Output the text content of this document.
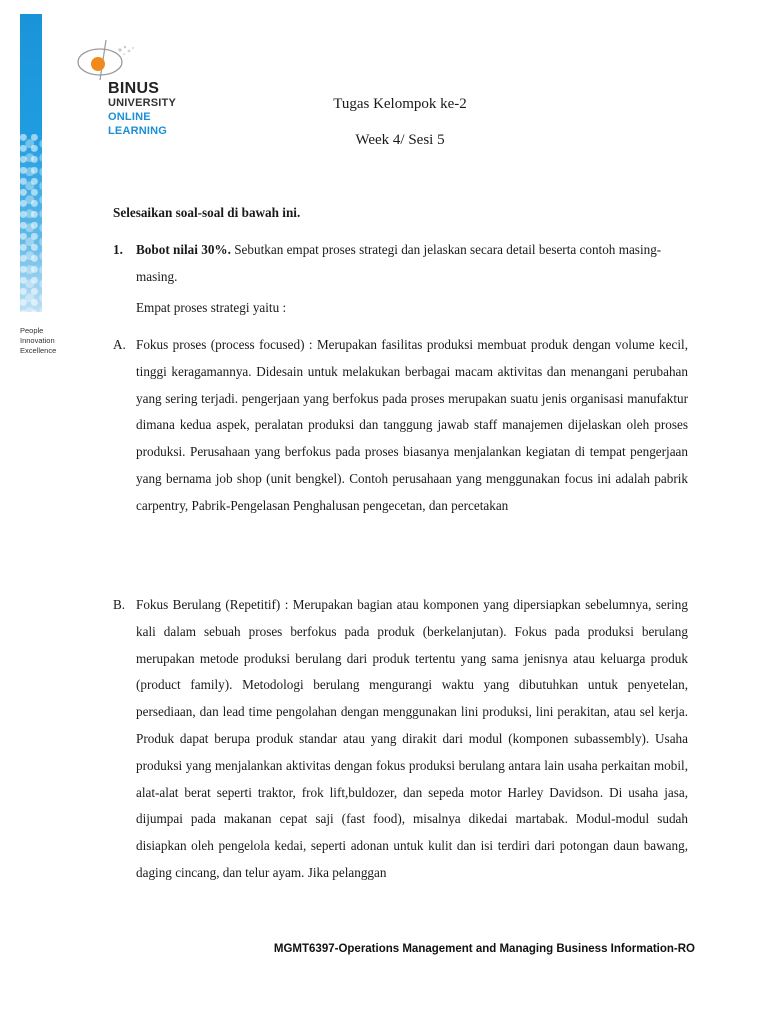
People
Innovation
Excellence
BINUS
UNIVERSITY
ONLINE
LEARNING
Tugas Kelompok ke-2
Week 4/ Sesi 5
Selesaikan soal-soal di bawah ini.
1. Bobot nilai 30%. Sebutkan empat proses strategi dan jelaskan secara detail beserta contoh masing-masing.
Empat proses strategi yaitu :
A. Fokus proses (process focused) : Merupakan fasilitas produksi membuat produk dengan volume kecil, tinggi keragamannya. Didesain untuk melakukan berbagai macam aktivitas dan menangani perubahan yang sering terjadi. pengerjaan yang berfokus pada proses merupakan suatu jenis organisasi manufaktur dimana kedua aspek, peralatan produksi dan tanggung jawab staff manajemen dijelaskan oleh proses produksi. Perusahaan yang berfokus pada proses biasanya menjalankan kegiatan di tempat pengerjaan yang bernama job shop (unit bengkel). Contoh perusahaan yang menggunakan focus ini adalah pabrik carpentry, Pabrik-Pengelasan Penghalusan pengecetan, dan percetakan
B. Fokus Berulang (Repetitif) : Merupakan bagian atau komponen yang dipersiapkan sebelumnya, sering kali dalam sebuah proses berfokus pada produk (berkelanjutan). Fokus pada produksi berulang merupakan metode produksi berulang dari produk tertentu yang sama jenisnya atau keluarga produk (product family). Metodologi berulang mengurangi waktu yang dibutuhkan untuk penyetelan, persediaan, dan lead time pengolahan dengan menggunakan lini produksi, lini perakitan, atau sel kerja. Produk dapat berupa produk standar atau yang dirakit dari modul (komponen subassembly). Usaha produksi yang menjalankan aktivitas dengan fokus produksi berulang antara lain usaha perkaitan mobil, alat-alat berat seperti traktor, frok lift,buldozer, dan sepeda motor Harley Davidson. Di usaha jasa, dijumpai pada makanan cepat saji (fast food), misalnya dikedai martabak. Modul-modul sudah disiapkan oleh pengelola kedai, seperti adonan untuk kulit dan isi terdiri dari potongan daun bawang, daging cincang, dan telur ayam. Jika pelanggan
MGMT6397-Operations Management and Managing Business Information-RO
